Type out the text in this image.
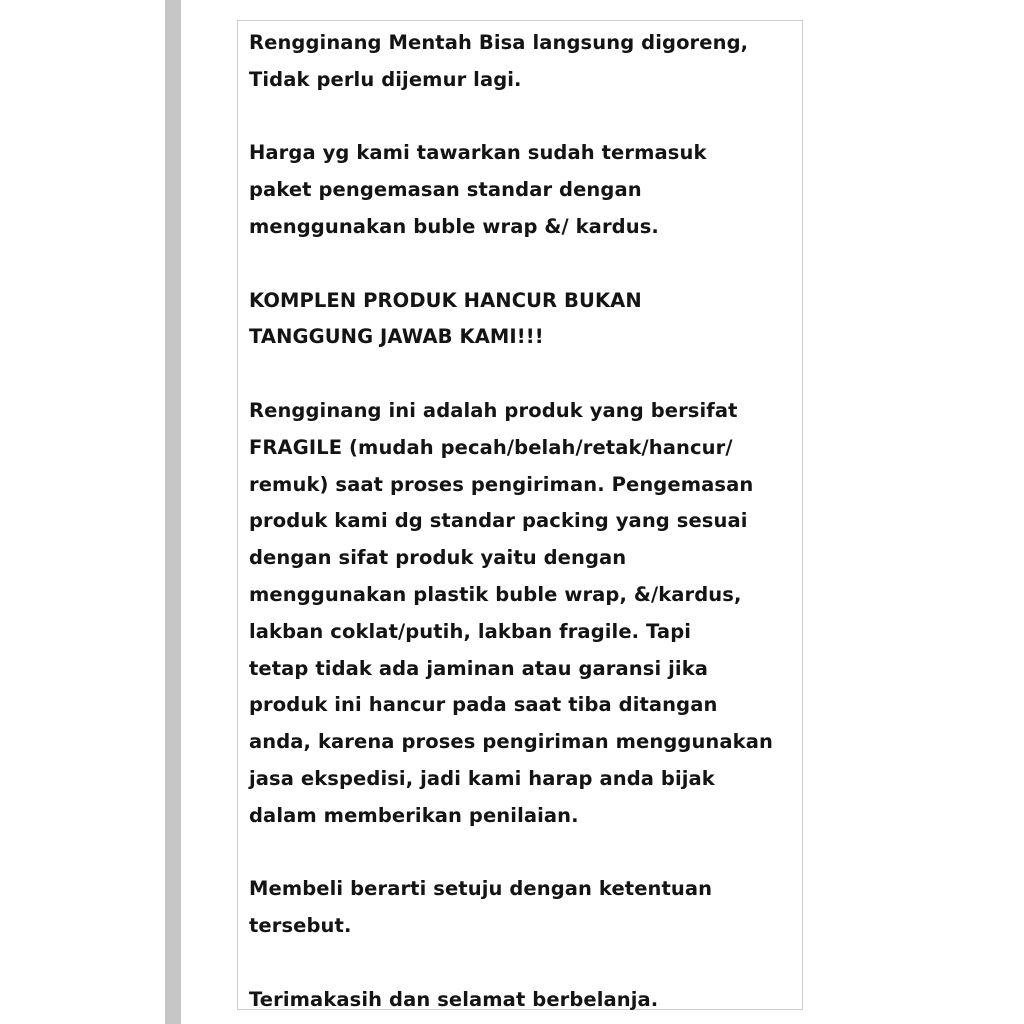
Rengginang Mentah Bisa langsung digoreng,
Tidak perlu dijemur lagi.
Harga yg kami tawarkan sudah termasuk
paket pengemasan standar dengan
menggunakan buble wrap &/ kardus.
KOMPLEN PRODUK HANCUR BUKAN
TANGGUNG JAWAB KAMI!!!
Rengginang ini adalah produk yang bersifat
FRAGILE (mudah pecah/belah/retak/hancur/
remuk) saat proses pengiriman. Pengemasan
produk kami dg standar packing yang sesuai
dengan sifat produk yaitu dengan
menggunakan plastik buble wrap, &/kardus,
lakban coklat/putih, lakban fragile. Tapi
tetap tidak ada jaminan atau garansi jika
produk ini hancur pada saat tiba ditangan
anda, karena proses pengiriman menggunakan
jasa ekspedisi, jadi kami harap anda bijak
dalam memberikan penilaian.
Membeli berarti setuju dengan ketentuan
tersebut.
Terimakasih dan selamat berbelanja.
